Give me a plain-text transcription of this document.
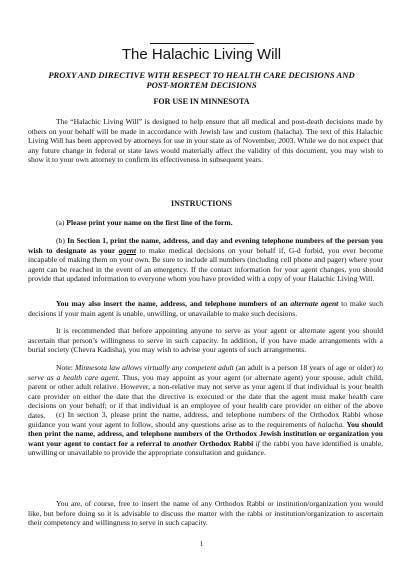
The Halachic Living Will
PROXY AND DIRECTIVE WITH RESPECT TO HEALTH CARE DECISIONS AND POST-MORTEM DECISIONS
FOR USE IN MINNESOTA
The “Halachic Living Will” is designed to help ensure that all medical and post-death decisions made by others on your behalf will be made in accordance with Jewish law and custom (halacha). The text of this Halachic Living Will has been approved by attorneys for use in your state as of November, 2003. While we do not expect that any future change in federal or state laws would materially affect the validity of this document, you may wish to show it to your own attorney to confirm its effectiveness in subsequent years.
INSTRUCTIONS
(a) Please print your name on the first line of the form.
(b) In Section 1, print the name, address, and day and evening telephone numbers of the person you wish to designate as your agent to make medical decisions on your behalf if, G-d forbid, you ever become incapable of making them on your own. Be sure to include all numbers (including cell phone and pager) where your agent can be reached in the event of an emergency. If the contact information for your agent changes, you should provide that updated information to everyone whom you have provided with a copy of your Halachic Living Will.
You may also insert the name, address, and telephone numbers of an alternate agent to make such decisions if your main agent is unable, unwilling, or unavailable to make such decisions.
It is recommended that before appointing anyone to serve as your agent or alternate agent you should ascertain that person’s willingness to serve in such capacity. In addition, if you have made arrangements with a burial society (Chevra Kadisha), you may wish to advise your agents of such arrangements.
Note: Minnesota law allows virtually any competent adult (an adult is a person 18 years of age or older) to serve as a health care agent. Thus, you may appoint as your agent (or alternate agent) your spouse, adult child, parent or other adult relative. However, a non-relative may not serve as your agent if that individual is your health care provider on either the date that the directive is executed or the date that the agent must make health care decisions on your behalf; or if that individual is an employee of your health care provider on either of the above dates.	(c) In section 3, please print the name, address, and telephone numbers of the Orthodox Rabbi whose guidance you want your agent to follow, should any questions arise as to the requirements of halacha. You should then print the name, address, and telephone numbers of the Orthodox Jewish institution or organization you want your agent to contact for a referral to another Orthodox Rabbi if the rabbi you have identified is unable, unwilling or unavailable to provide the appropriate consultation and guidance.
You are, of course, free to insert the name of any Orthodox Rabbi or institution/organization you would like, but before doing so it is advisable to discuss the matter with the rabbi or institution/organization to ascertain their competency and willingness to serve in such capacity.
1
